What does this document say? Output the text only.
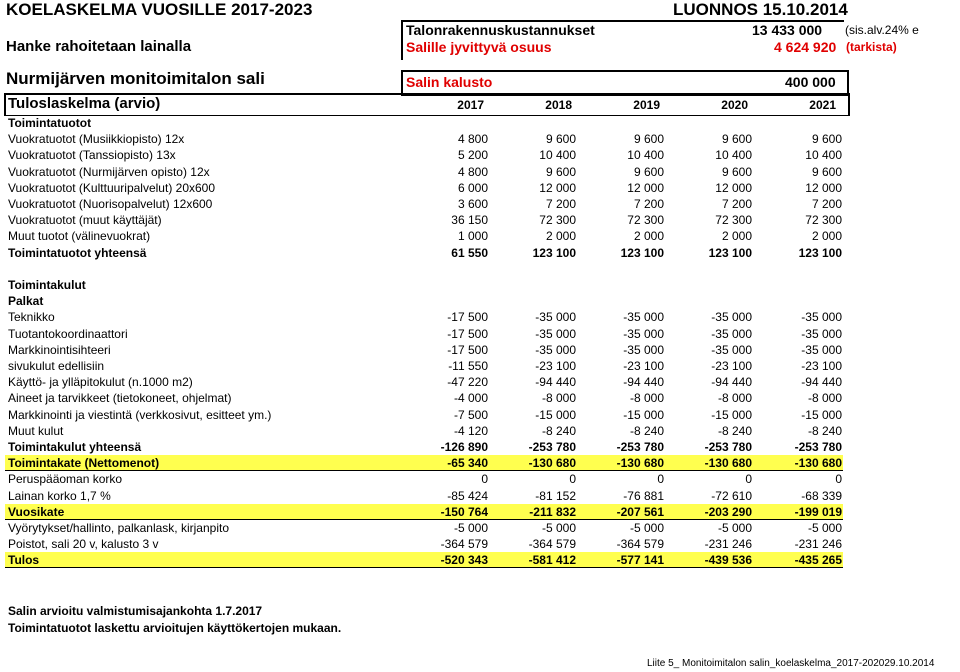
KOELASKELMA VUOSILLE 2017-2023	LUONNOS 15.10.2014
Talonrakennuskustannukset	13 433 000 (sis.alv.24% e
Hanke rahoitetaan lainalla	Salille jyvittyvä osuus	4 624 920 (tarkista)
Nurmijärven monitoimitalon sali	Salin kalusto	400 000
Tuloslaskelma (arvio)	2017	2018	2019	2020	2021
Toimintatuotot
Vuokratuotot (Musiikkiopisto) 12x	4 800	9 600	9 600	9 600	9 600
Vuokratuotot (Tanssiopisto) 13x	5 200	10 400	10 400	10 400	10 400
Vuokratuotot (Nurmijärven opisto) 12x	4 800	9 600	9 600	9 600	9 600
Vuokratuotot (Kulttuuripalvelut) 20x600	6 000	12 000	12 000	12 000	12 000
Vuokratuotot (Nuorisopalvelut) 12x600	3 600	7 200	7 200	7 200	7 200
Vuokratuotot (muut käyttäjät)	36 150	72 300	72 300	72 300	72 300
Muut tuotot (välinevuokrat)	1 000	2 000	2 000	2 000	2 000
Toimintatuotot yhteensä	61 550	123 100	123 100	123 100	123 100
Toimintakulut
Palkat
Teknikko	-17 500	-35 000	-35 000	-35 000	-35 000
Tuotantokoordinaattori	-17 500	-35 000	-35 000	-35 000	-35 000
Markkinointisihteeri	-17 500	-35 000	-35 000	-35 000	-35 000
sivukulut edellisiin	-11 550	-23 100	-23 100	-23 100	-23 100
Käyttö- ja ylläpitokulut (n.1000 m2)	-47 220	-94 440	-94 440	-94 440	-94 440
Aineet ja tarvikkeet (tietokoneet, ohjelmat)	-4 000	-8 000	-8 000	-8 000	-8 000
Markkinointi ja viestintä (verkkosivut, esitteet ym.)	-7 500	-15 000	-15 000	-15 000	-15 000
Muut kulut	-4 120	-8 240	-8 240	-8 240	-8 240
Toimintakulut yhteensä	-126 890	-253 780	-253 780	-253 780	-253 780
Toimintakate (Nettomenot)	-65 340	-130 680	-130 680	-130 680	-130 680
Peruspääoman korko	0	0	0	0	0
Lainan korko 1,7 %	-85 424	-81 152	-76 881	-72 610	-68 339
Vuosikate	-150 764	-211 832	-207 561	-203 290	-199 019
Vyörytykset/hallinto, palkanlask, kirjanpito	-5 000	-5 000	-5 000	-5 000	-5 000
Poistot, sali 20 v, kalusto 3 v	-364 579	-364 579	-364 579	-231 246	-231 246
Tulos	-520 343	-581 412	-577 141	-439 536	-435 265
Salin arvioitu valmistumisajankohta 1.7.2017
Toimintatuotot laskettu arvioitujen käyttökertojen mukaan.
Liite 5_ Monitoimitalon salin_koelaskelma_2017-202029.10.2014
